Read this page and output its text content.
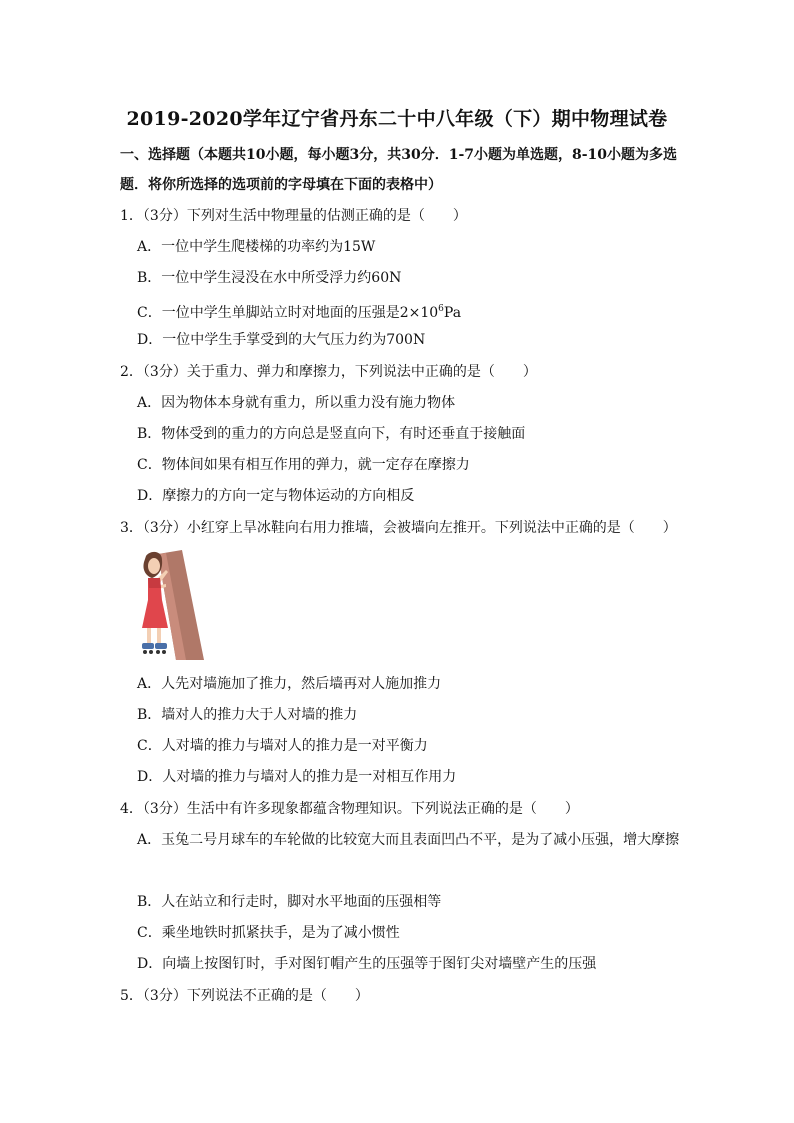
2019-2020学年辽宁省丹东二十中八年级（下）期中物理试卷
一、选择题（本题共10小题，每小题3分，共30分．1-7小题为单选题，8-10小题为多选
题．将你所选择的选项前的字母填在下面的表格中）
1．（3分）下列对生活中物理量的估测正确的是（　　）
A．一位中学生爬楼梯的功率约为15W
B．一位中学生浸没在水中所受浮力约60N
C．一位中学生单脚站立时对地面的压强是$2\times 10^6Pa$
D．一位中学生手掌受到的大气压力约为700N
2．（3分）关于重力、弹力和摩擦力，下列说法中正确的是（　　）
A．因为物体本身就有重力，所以重力没有施力物体
B．物体受到的重力的方向总是竖直向下，有时还垂直于接触面
C．物体间如果有相互作用的弹力，就一定存在摩擦力
D．摩擦力的方向一定与物体运动的方向相反
3．（3分）小红穿上旱冰鞋向右用力推墙，会被墙向左推开。下列说法中正确的是（　　）
A．人先对墙施加了推力，然后墙再对人施加推力
B．墙对人的推力大于人对墙的推力
C．人对墙的推力与墙对人的推力是一对平衡力
D．人对墙的推力与墙对人的推力是一对相互作用力
4．（3分）生活中有许多现象都蕴含物理知识。下列说法正确的是（　　）
A．玉兔二号月球车的车轮做的比较宽大而且表面凹凸不平，是为了减小压强，增大摩擦
B．人在站立和行走时，脚对水平地面的压强相等
C．乘坐地铁时抓紧扶手，是为了减小惯性
D．向墙上按图钉时，手对图钉帽产生的压强等于图钉尖对墙壁产生的压强
5．（3分）下列说法不正确的是（　　）
